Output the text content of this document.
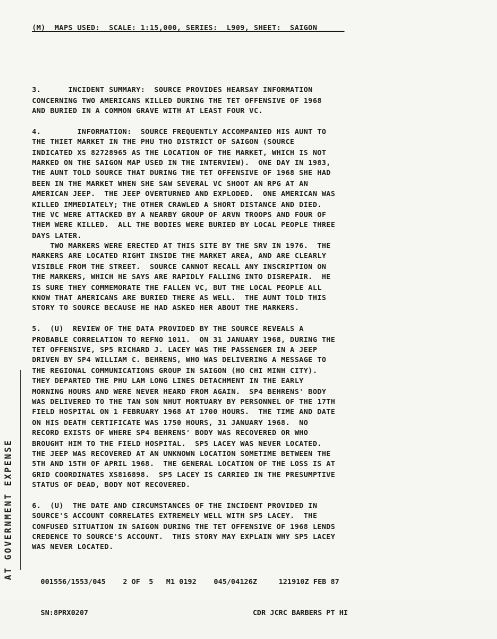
(M)  MAPS USED:  SCALE: 1:15,000, SERIES:  L909, SHEET:  SAIGON______

3.      INCIDENT SUMMARY:  SOURCE PROVIDES HEARSAY INFORMATION
CONCERNING TWO AMERICANS KILLED DURING THE TET OFFENSIVE OF 1968
AND BURIED IN A COMMON GRAVE WITH AT LEAST FOUR VC.
4.        INFORMATION:  SOURCE FREQUENTLY ACCOMPANIED HIS AUNT TO
THE THIET MARKET IN THE PHU THO DISTRICT OF SAIGON (SOURCE
INDICATED XS 82728965 AS THE LOCATION OF THE MARKET, WHICH IS NOT
MARKED ON THE SAIGON MAP USED IN THE INTERVIEW).  ONE DAY IN 1983,
THE AUNT TOLD SOURCE THAT DURING THE TET OFFENSIVE OF 1968 SHE HAD
BEEN IN THE MARKET WHEN SHE SAW SEVERAL VC SHOOT AN RPG AT AN
AMERICAN JEEP.  THE JEEP OVERTURNED AND EXPLODED.  ONE AMERICAN WAS
KILLED IMMEDIATELY; THE OTHER CRAWLED A SHORT DISTANCE AND DIED.
THE VC WERE ATTACKED BY A NEARBY GROUP OF ARVN TROOPS AND FOUR OF
THEM WERE KILLED.  ALL THE BODIES WERE BURIED BY LOCAL PEOPLE THREE
DAYS LATER.
TWO MARKERS WERE ERECTED AT THIS SITE BY THE SRV IN 1976.  THE
MARKERS ARE LOCATED RIGHT INSIDE THE MARKET AREA, AND ARE CLEARLY
VISIBLE FROM THE STREET.  SOURCE CANNOT RECALL ANY INSCRIPTION ON
THE MARKERS, WHICH HE SAYS ARE RAPIDLY FALLING INTO DISREPAIR.  HE
IS SURE THEY COMMEMORATE THE FALLEN VC, BUT THE LOCAL PEOPLE ALL
KNOW THAT AMERICANS ARE BURIED THERE AS WELL.  THE AUNT TOLD THIS
STORY TO SOURCE BECAUSE HE HAD ASKED HER ABOUT THE MARKERS.
5.  (U)  REVIEW OF THE DATA PROVIDED BY THE SOURCE REVEALS A
PROBABLE CORRELATION TO REFNO 1011.  ON 31 JANUARY 1968, DURING THE
TET OFFENSIVE, SP5 RICHARD J. LACEY WAS THE PASSENGER IN A JEEP
DRIVEN BY SP4 WILLIAM C. BEHRENS, WHO WAS DELIVERING A MESSAGE TO
THE REGIONAL COMMUNICATIONS GROUP IN SAIGON (HO CHI MINH CITY).
THEY DEPARTED THE PHU LAM LONG LINES DETACHMENT IN THE EARLY
MORNING HOURS AND WERE NEVER HEARD FROM AGAIN.  SP4 BEHRENS' BODY
WAS DELIVERED TO THE TAN SON NHUT MORTUARY BY PERSONNEL OF THE 17TH
FIELD HOSPITAL ON 1 FEBRUARY 1968 AT 1700 HOURS.  THE TIME AND DATE
ON HIS DEATH CERTIFICATE WAS 1750 HOURS, 31 JANUARY 1968.  NO
RECORD EXISTS OF WHERE SP4 BEHRENS' BODY WAS RECOVERED OR WHO
BROUGHT HIM TO THE FIELD HOSPITAL.  SP5 LACEY WAS NEVER LOCATED.
THE JEEP WAS RECOVERED AT AN UNKNOWN LOCATION SOMETIME BETWEEN THE
5TH AND 15TH OF APRIL 1968.  THE GENERAL LOCATION OF THE LOSS IS AT
GRID COORDINATES XS816898.  SP5 LACEY IS CARRIED IN THE PRESUMPTIVE
STATUS OF DEAD, BODY NOT RECOVERED.
6.  (U)  THE DATE AND CIRCUMSTANCES OF THE INCIDENT PROVIDED IN
SOURCE'S ACCOUNT CORRELATES EXTREMELY WELL WITH SP5 LACEY.  THE
CONFUSED SITUATION IN SAIGON DURING THE TET OFFENSIVE OF 1968 LENDS
CREDENCE TO SOURCE'S ACCOUNT.  THIS STORY MAY EXPLAIN WHY SP5 LACEY
WAS NEVER LOCATED.

001556/1553/045    2 OF  5   M1 0192    045/04126Z     121910Z FEB 87

SN:8PRX0207                                      CDR JCRC BARBERS PT HI

AT GOVERNMENT EXPENSE
